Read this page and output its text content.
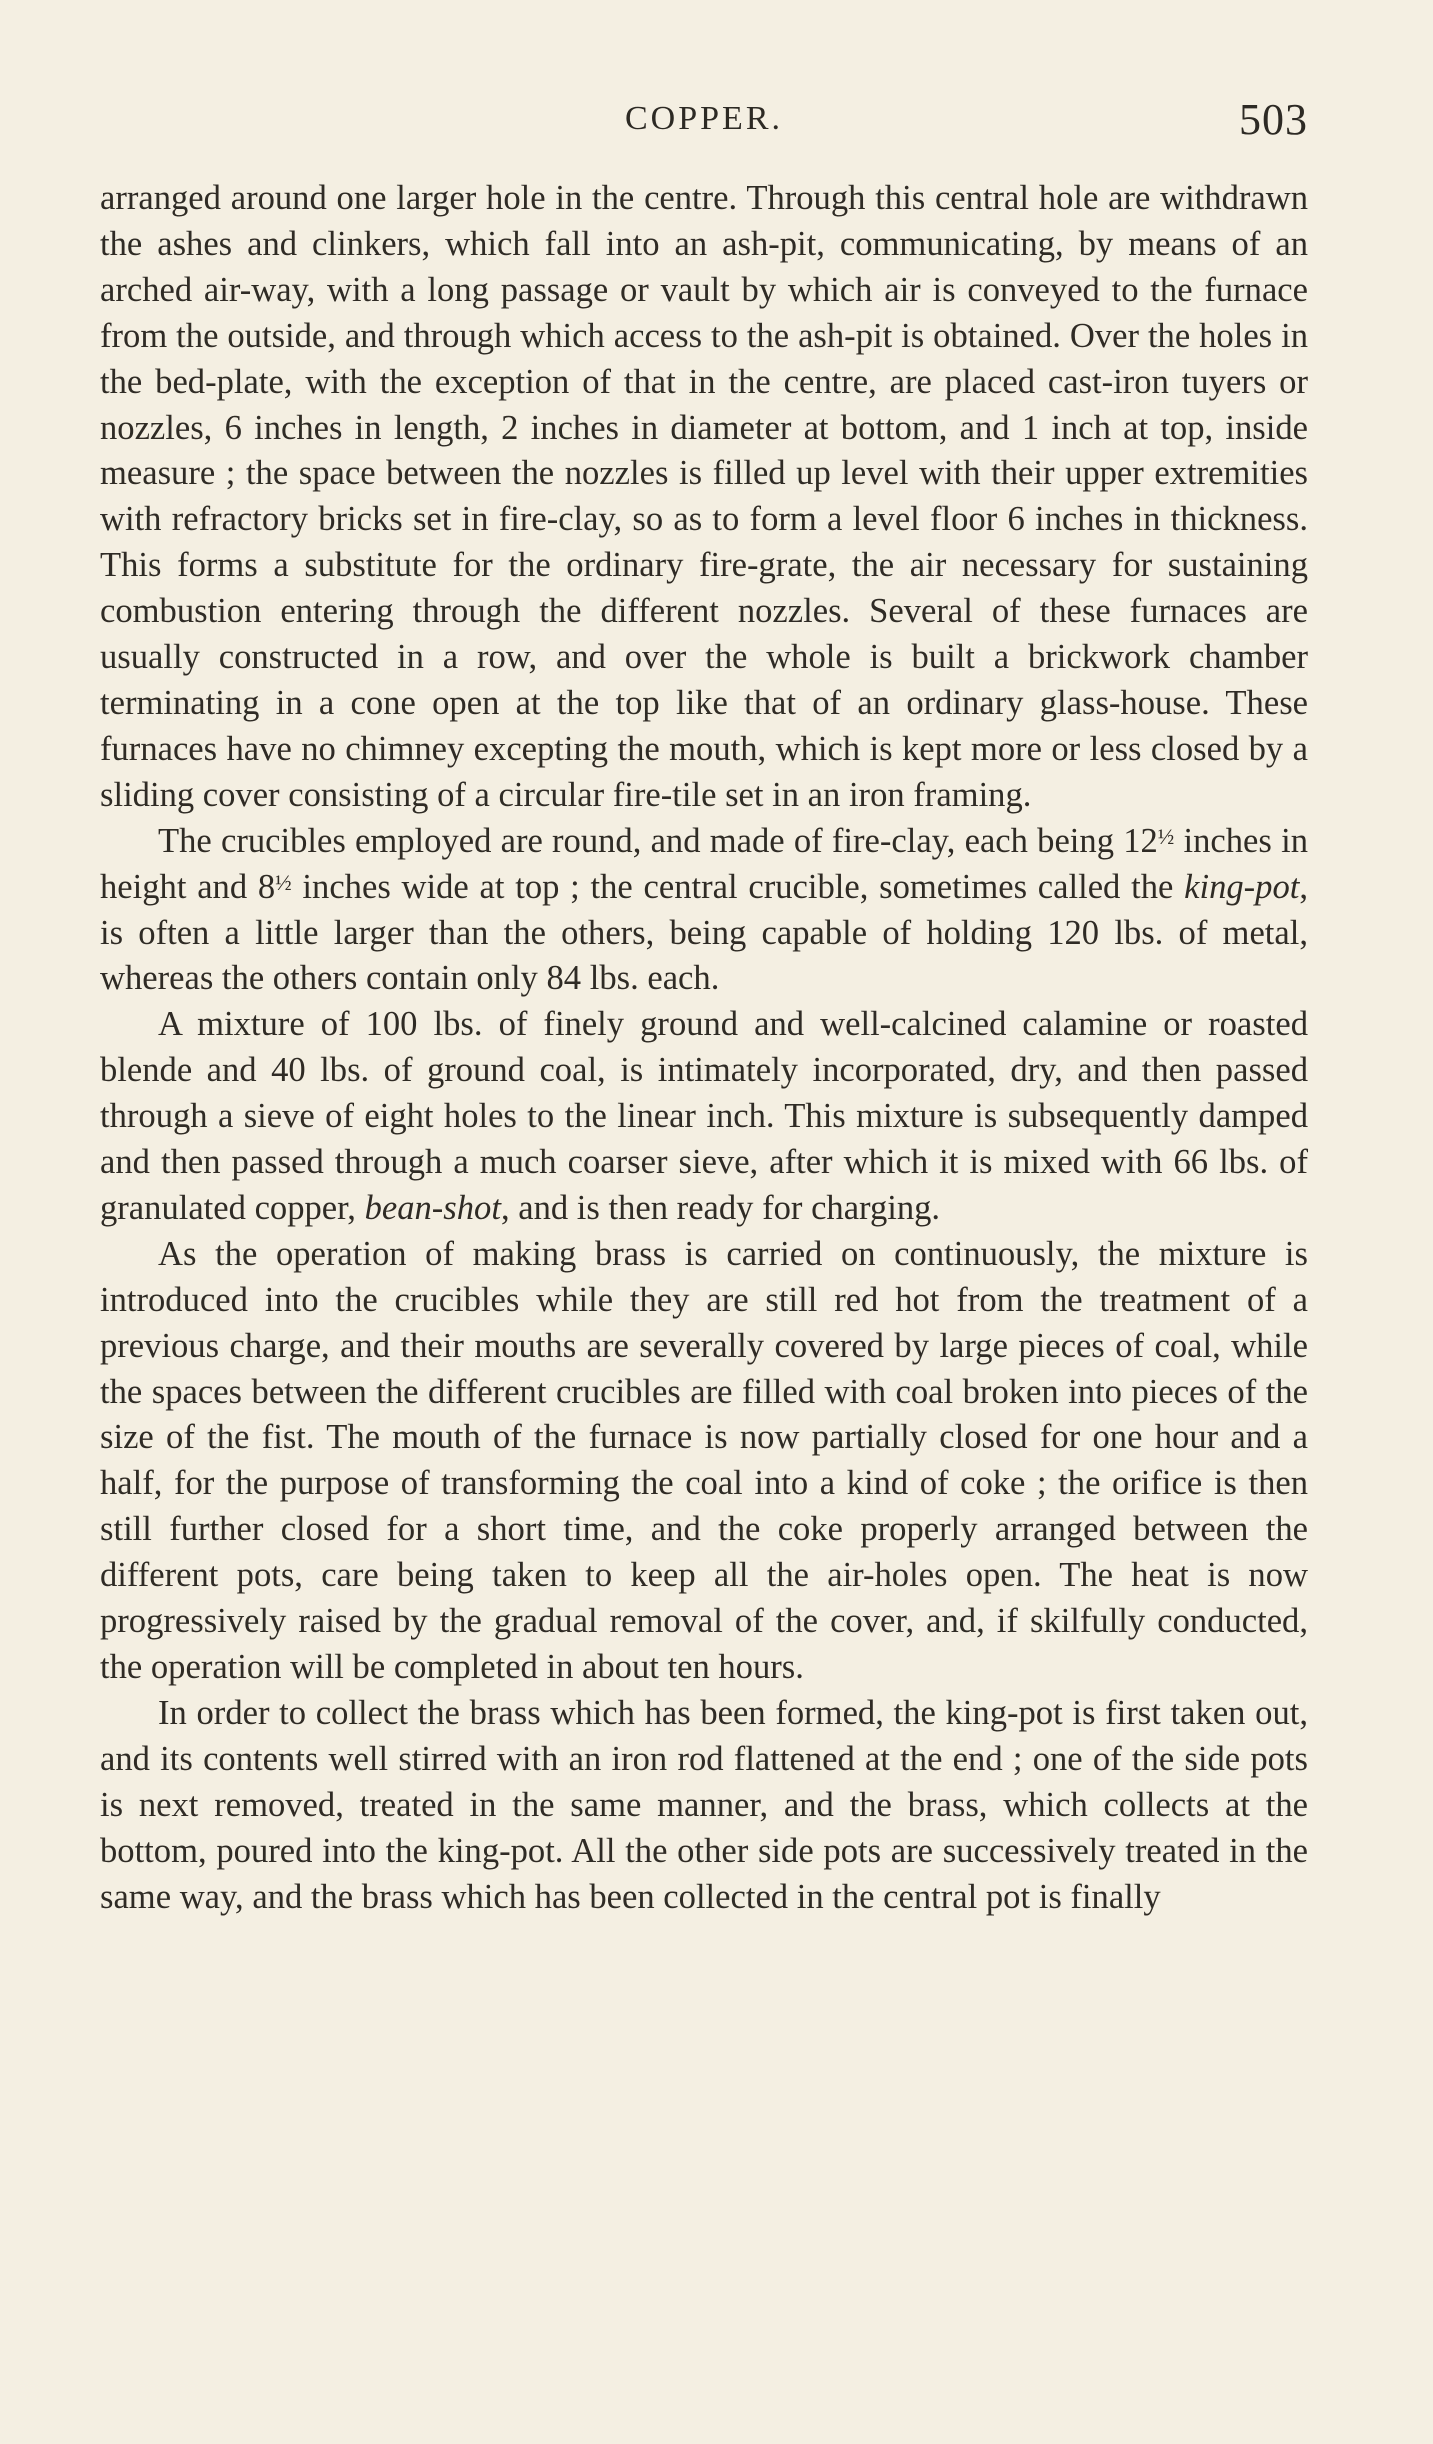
COPPER.	503

arranged around one larger hole in the centre. Through this central hole are withdrawn the ashes and clinkers, which fall into an ash-pit, communicating, by means of an arched air-way, with a long passage or vault by which air is conveyed to the furnace from the outside, and through which access to the ash-pit is obtained. Over the holes in the bed-plate, with the exception of that in the centre, are placed cast-iron tuyers or nozzles, 6 inches in length, 2 inches in diameter at bottom, and 1 inch at top, inside measure ; the space between the nozzles is filled up level with their upper extremities with refractory bricks set in fire-clay, so as to form a level floor 6 inches in thickness. This forms a substitute for the ordinary fire-grate, the air necessary for sustaining combustion entering through the different nozzles. Several of these furnaces are usually constructed in a row, and over the whole is built a brickwork chamber terminating in a cone open at the top like that of an ordinary glass-house. These furnaces have no chimney excepting the mouth, which is kept more or less closed by a sliding cover consisting of a circular fire-tile set in an iron framing.

The crucibles employed are round, and made of fire-clay, each being $12^{\frac{1}{2}}$ inches in height and $8^{\frac{1}{2}}$ inches wide at top ; the central crucible, sometimes called the king-pot, is often a little larger than the others, being capable of holding 120 lbs. of metal, whereas the others contain only 84 lbs. each.

A mixture of 100 lbs. of finely ground and well-calcined calamine or roasted blende and 40 lbs. of ground coal, is intimately incorporated, dry, and then passed through a sieve of eight holes to the linear inch. This mixture is subsequently damped and then passed through a much coarser sieve, after which it is mixed with 66 lbs. of granulated copper, bean-shot, and is then ready for charging.

As the operation of making brass is carried on continuously, the mixture is introduced into the crucibles while they are still red hot from the treatment of a previous charge, and their mouths are severally covered by large pieces of coal, while the spaces between the different crucibles are filled with coal broken into pieces of the size of the fist. The mouth of the furnace is now partially closed for one hour and a half, for the purpose of transforming the coal into a kind of coke ; the orifice is then still further closed for a short time, and the coke properly arranged between the different pots, care being taken to keep all the air-holes open. The heat is now progressively raised by the gradual removal of the cover, and, if skilfully conducted, the operation will be completed in about ten hours.

In order to collect the brass which has been formed, the king-pot is first taken out, and its contents well stirred with an iron rod flattened at the end ; one of the side pots is next removed, treated in the same manner, and the brass, which collects at the bottom, poured into the king-pot. All the other side pots are successively treated in the same way, and the brass which has been collected in the central pot is finally
